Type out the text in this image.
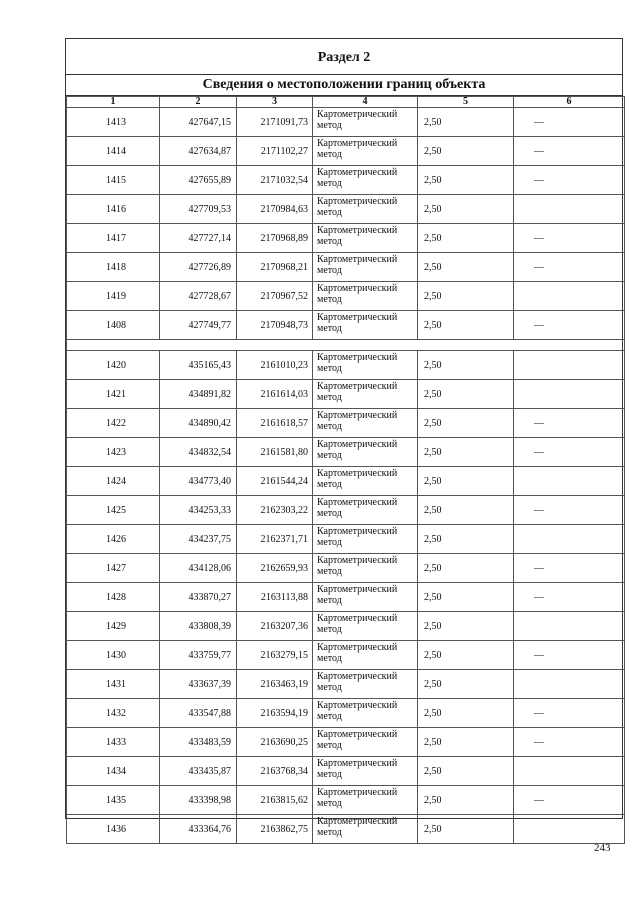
Раздел 2
Сведения о местоположении границ объекта
1	2	3	4	5	6
1413	427647,15	2171091,73	Картометрический
метод	2,50	—
1414	427634,87	2171102,27	Картометрический
метод	2,50	—
1415	427655,89	2171032,54	Картометрический
метод	2,50	—
1416	427709,53	2170984,63	Картометрический
метод	2,50	
1417	427727,14	2170968,89	Картометрический
метод	2,50	—
1418	427726,89	2170968,21	Картометрический
метод	2,50	—
1419	427728,67	2170967,52	Картометрический
метод	2,50	
1408	427749,77	2170948,73	Картометрический
метод	2,50	—

1420	435165,43	2161010,23	Картометрический
метод	2,50	
1421	434891,82	2161614,03	Картометрический
метод	2,50	
1422	434890,42	2161618,57	Картометрический
метод	2,50	—
1423	434832,54	2161581,80	Картометрический
метод	2,50	—
1424	434773,40	2161544,24	Картометрический
метод	2,50	
1425	434253,33	2162303,22	Картометрический
метод	2,50	—
1426	434237,75	2162371,71	Картометрический
метод	2,50	
1427	434128,06	2162659,93	Картометрический
метод	2,50	—
1428	433870,27	2163113,88	Картометрический
метод	2,50	—
1429	433808,39	2163207,36	Картометрический
метод	2,50	
1430	433759,77	2163279,15	Картометрический
метод	2,50	—
1431	433637,39	2163463,19	Картометрический
метод	2,50	
1432	433547,88	2163594,19	Картометрический
метод	2,50	—
1433	433483,59	2163690,25	Картометрический
метод	2,50	—
1434	433435,87	2163768,34	Картометрический
метод	2,50	
1435	433398,98	2163815,62	Картометрический
метод	2,50	—
1436	433364,76	2163862,75	Картометрический
метод	2,50	
243
